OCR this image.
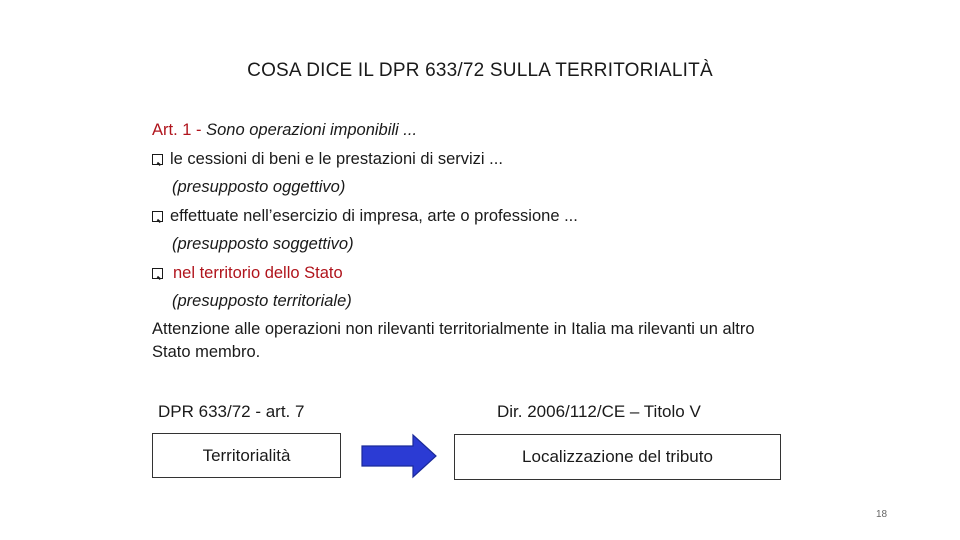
COSA DICE IL DPR 633/72 SULLA TERRITORIALITÀ
Art. 1 - Sono operazioni imponibili ...
le cessioni di beni e le prestazioni di servizi ...
(presupposto oggettivo)
effettuate nell’esercizio di impresa, arte o professione ...
(presupposto soggettivo)
nel territorio dello Stato
(presupposto territoriale)
Attenzione alle operazioni non rilevanti territorialmente in Italia ma rilevanti un altro Stato membro.
DPR 633/72 - art. 7	Dir. 2006/112/CE – Titolo V
Territorialità	Localizzazione del tributo
18
